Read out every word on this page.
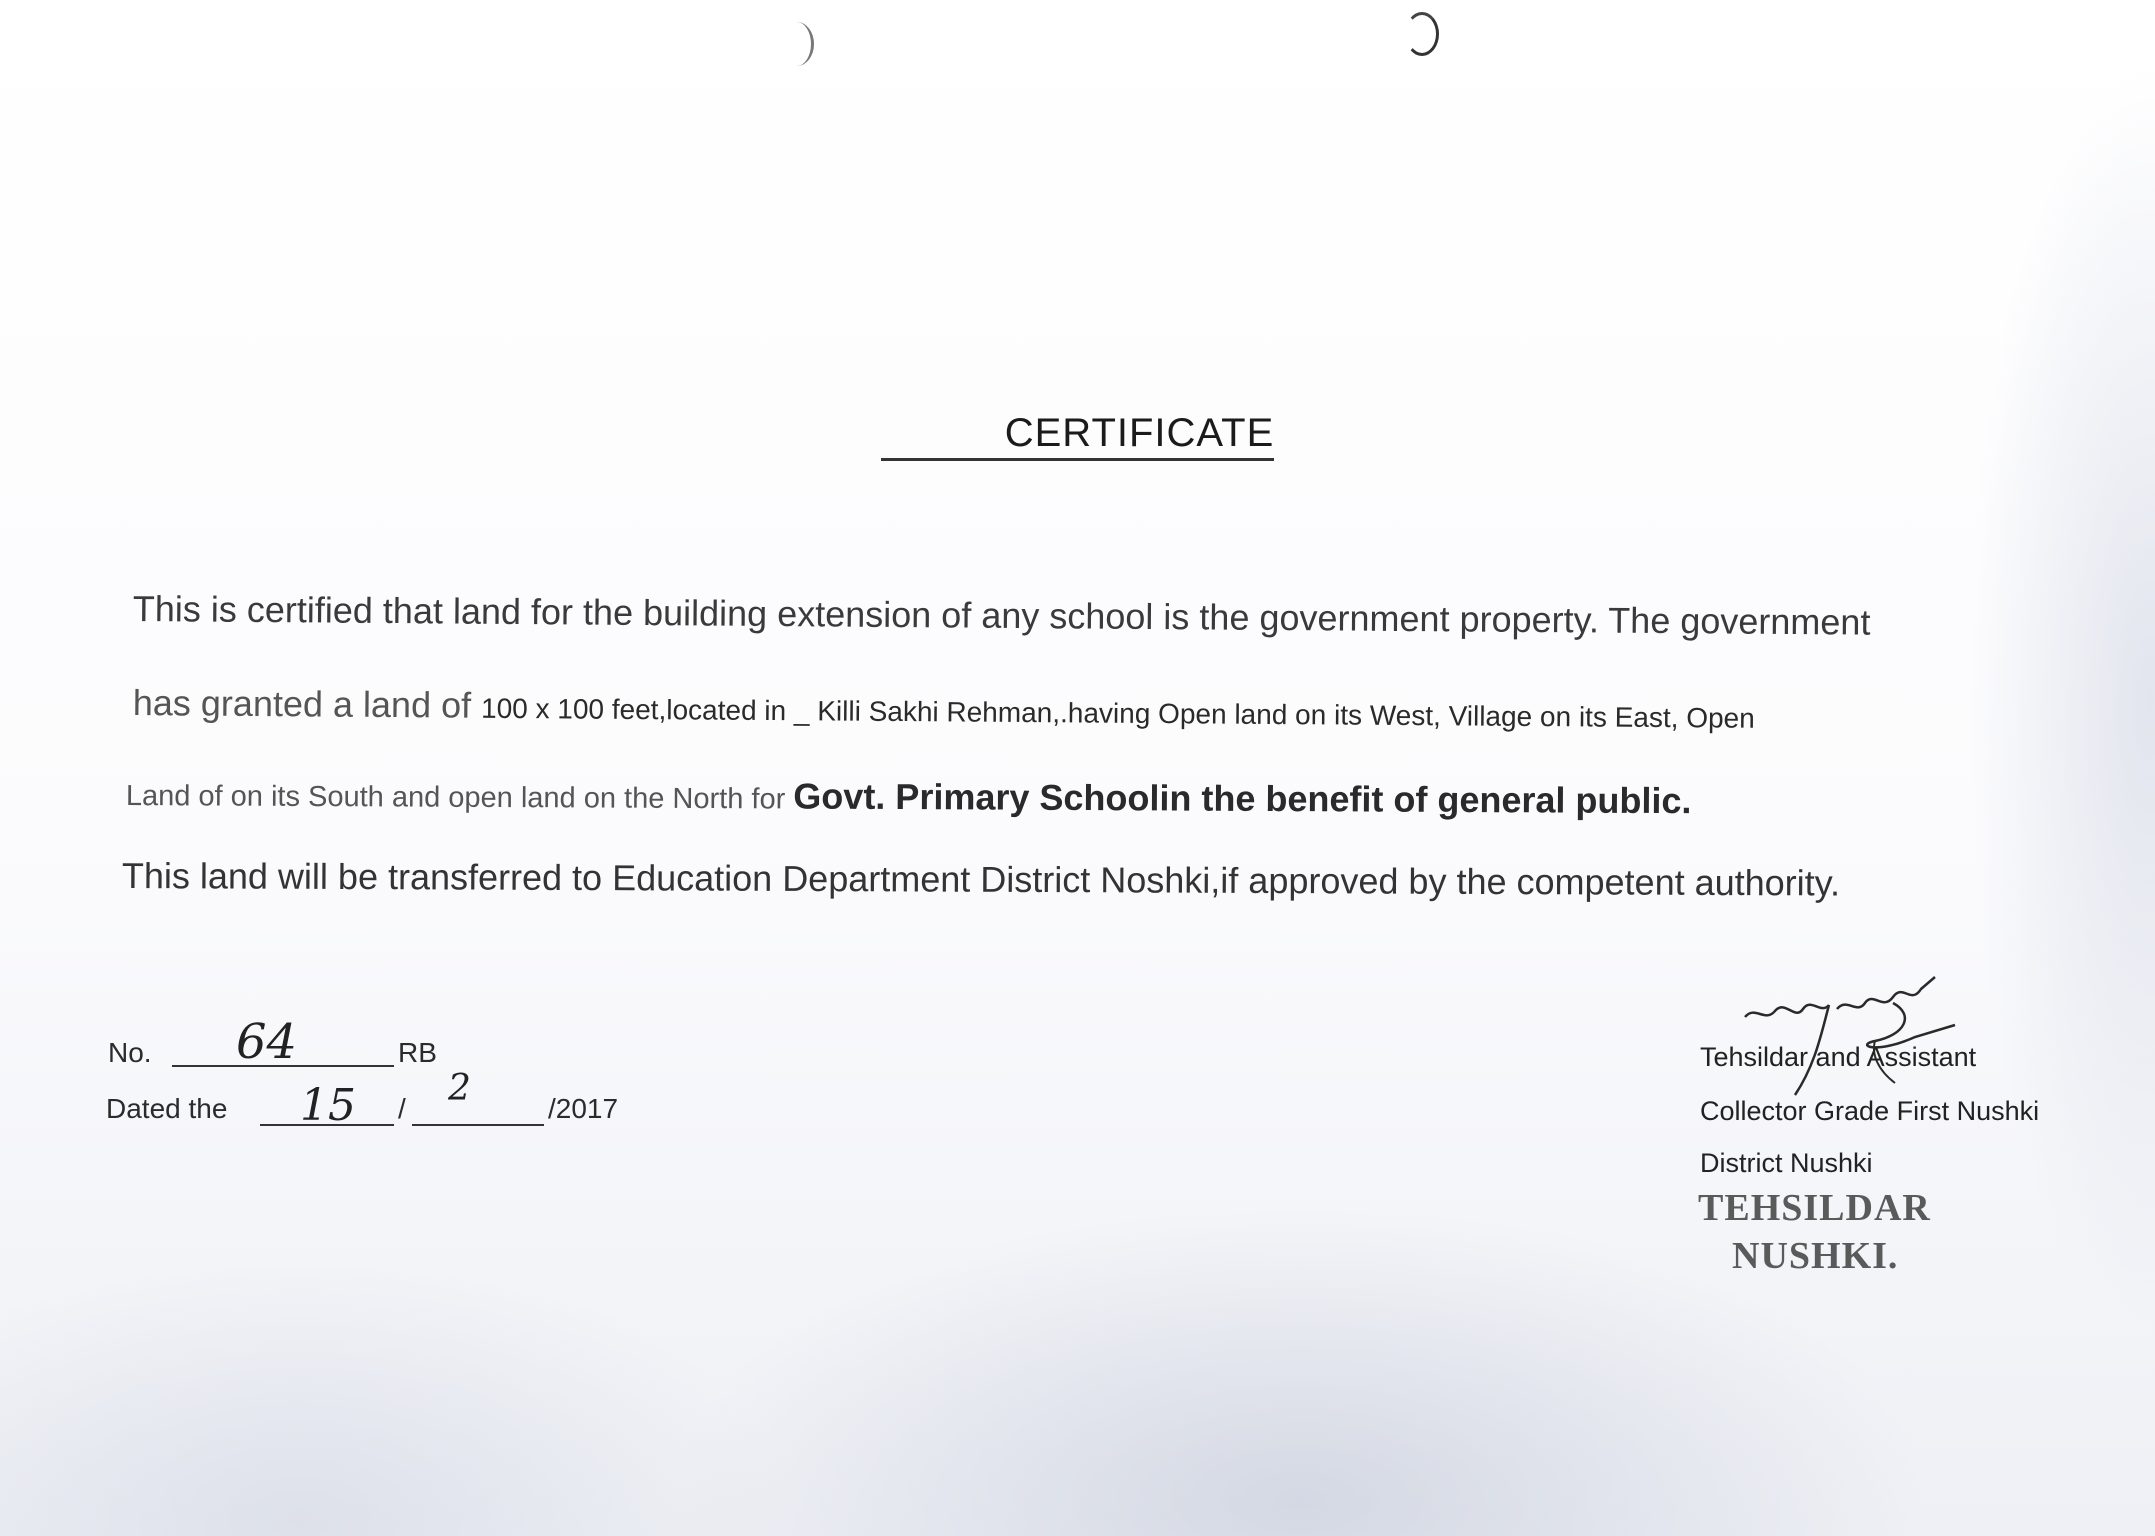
CERTIFICATE
This is certified that land for the building extension of any school is the government property. The government
has granted a land of 100 x 100 feet,located in _ Killi Sakhi Rehman,.having Open land on its West, Village on its East, Open
Land of on its South and open land on the North for Govt. Primary Schoolin the benefit of general public.
This land will be transferred to Education Department District Noshki,if approved by the competent authority.
No. 64	RB
Dated the 15 / 2	/2017
Tehsildar and Assistant
Collector Grade First Nushki
District Nushki
TEHSILDAR
NUSHKI.
